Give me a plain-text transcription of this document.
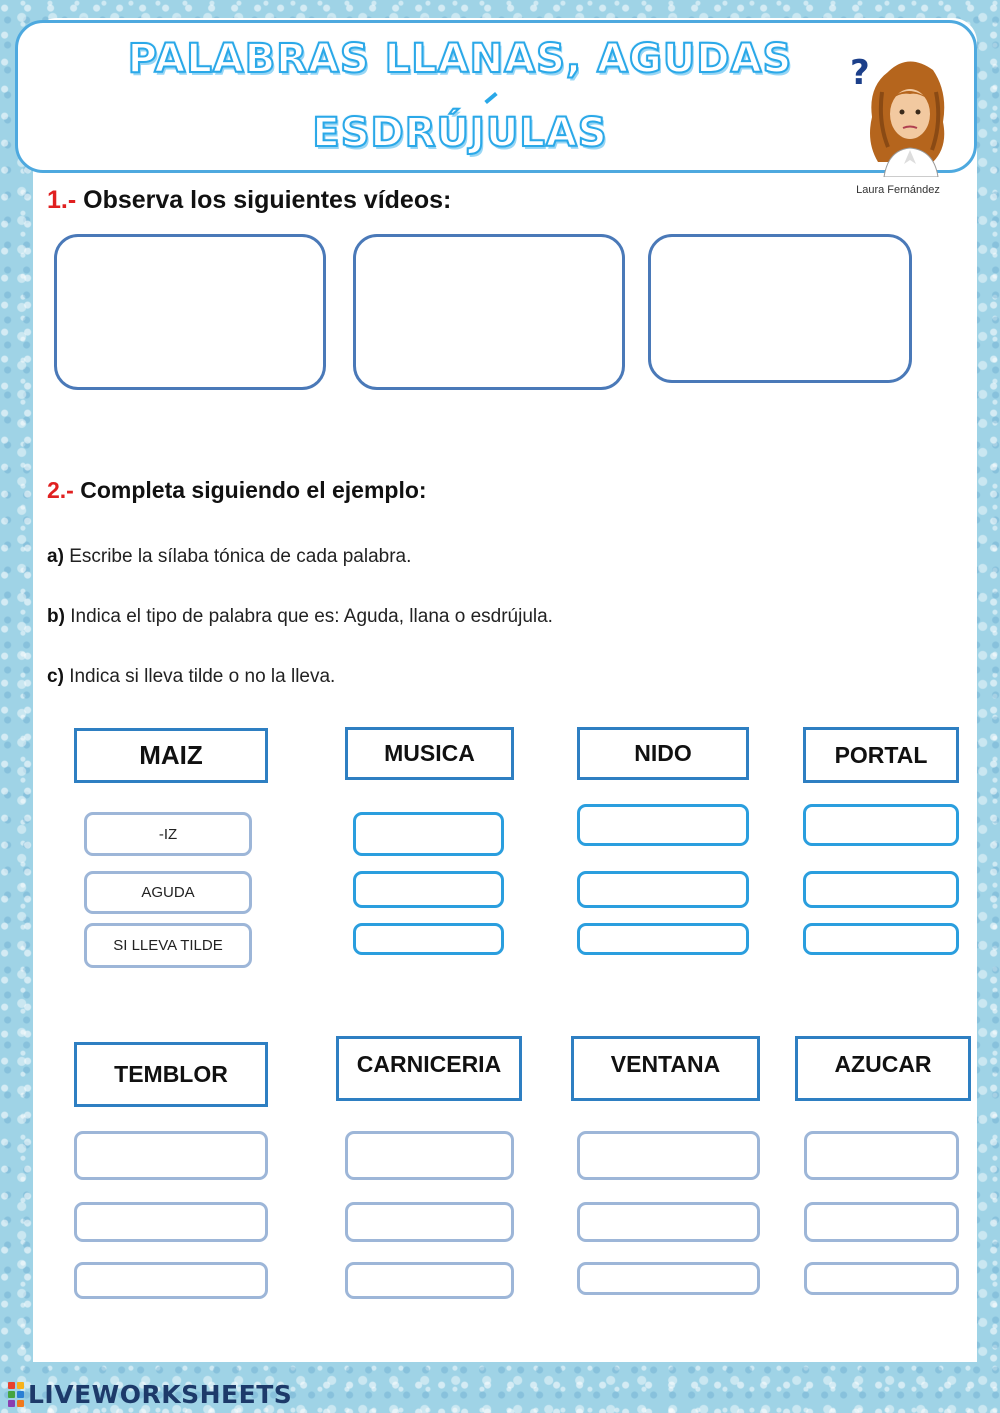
PALABRAS LLANAS, AGUDAS
ESDRÚJULAS
?
Laura Fernández
1.- Observa los siguientes vídeos:
2.- Completa siguiendo el ejemplo:
a) Escribe la sílaba tónica de cada palabra.
b) Indica el tipo de palabra que es: Aguda, llana o esdrújula.
c) Indica si lleva tilde o no la lleva.
MAIZ
-IZ
AGUDA
SI LLEVA TILDE
MUSICA	NIDO	PORTAL
TEMBLOR	CARNICERIA	VENTANA	AZUCAR
LIVEWORKSHEETS
